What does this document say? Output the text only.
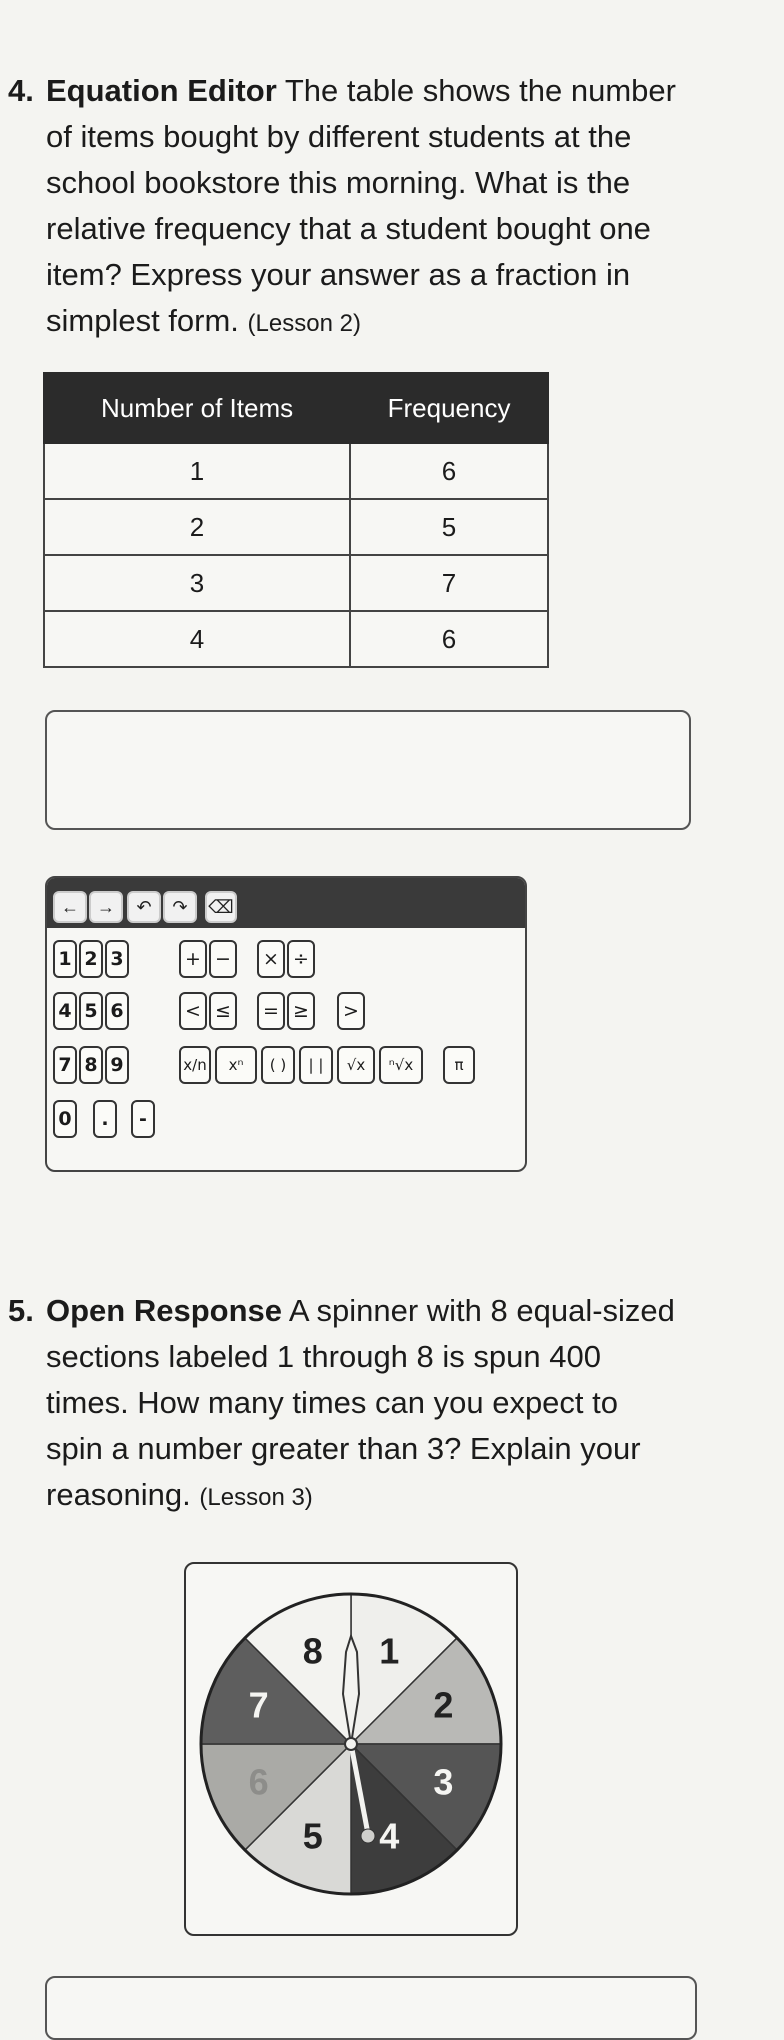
4. Equation Editor The table shows the number
of items bought by different students at the
school bookstore this morning. What is the
relative frequency that a student bought one
item? Express your answer as a fraction in
simplest form. (Lesson 2)
Number of Items	Frequency
1	6
2	5
3	7
4	6
←	→	↶	↷	⌫
1 2 3	+ −	× ÷
4 5 6	< ≤	= ≥	>
7 8 9	x/n	xⁿ	( )	| |	√x	ⁿ√x	π
0	.	-
5. Open Response A spinner with 8 equal-sized
sections labeled 1 through 8 is spun 400
times. How many times can you expect to
spin a number greater than 3? Explain your
reasoning. (Lesson 3)
1
2
3
4
5
6
7
8
